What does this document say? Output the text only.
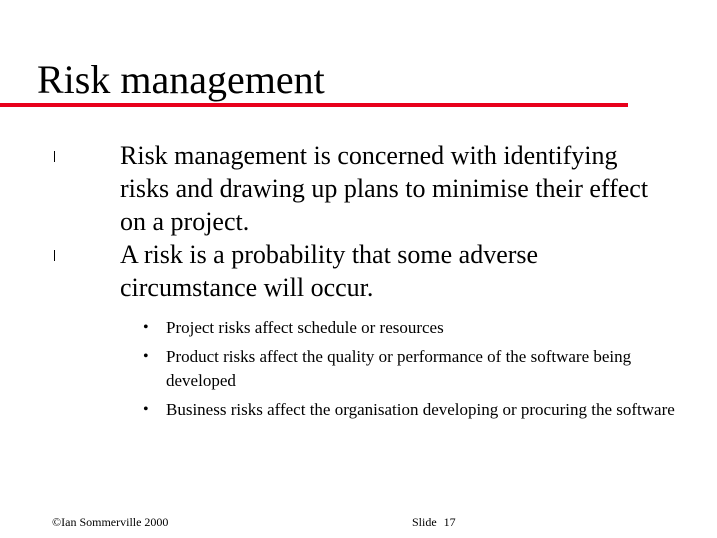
Risk management
Risk management is concerned with identifying risks and drawing up plans to minimise their effect on a project.
A risk is a probability that some adverse circumstance will occur.
• Project risks affect schedule or resources
• Product risks affect the quality or performance of the software being developed
• Business risks affect the organisation developing or procuring the software
©Ian Sommerville 2000	Slide 17
